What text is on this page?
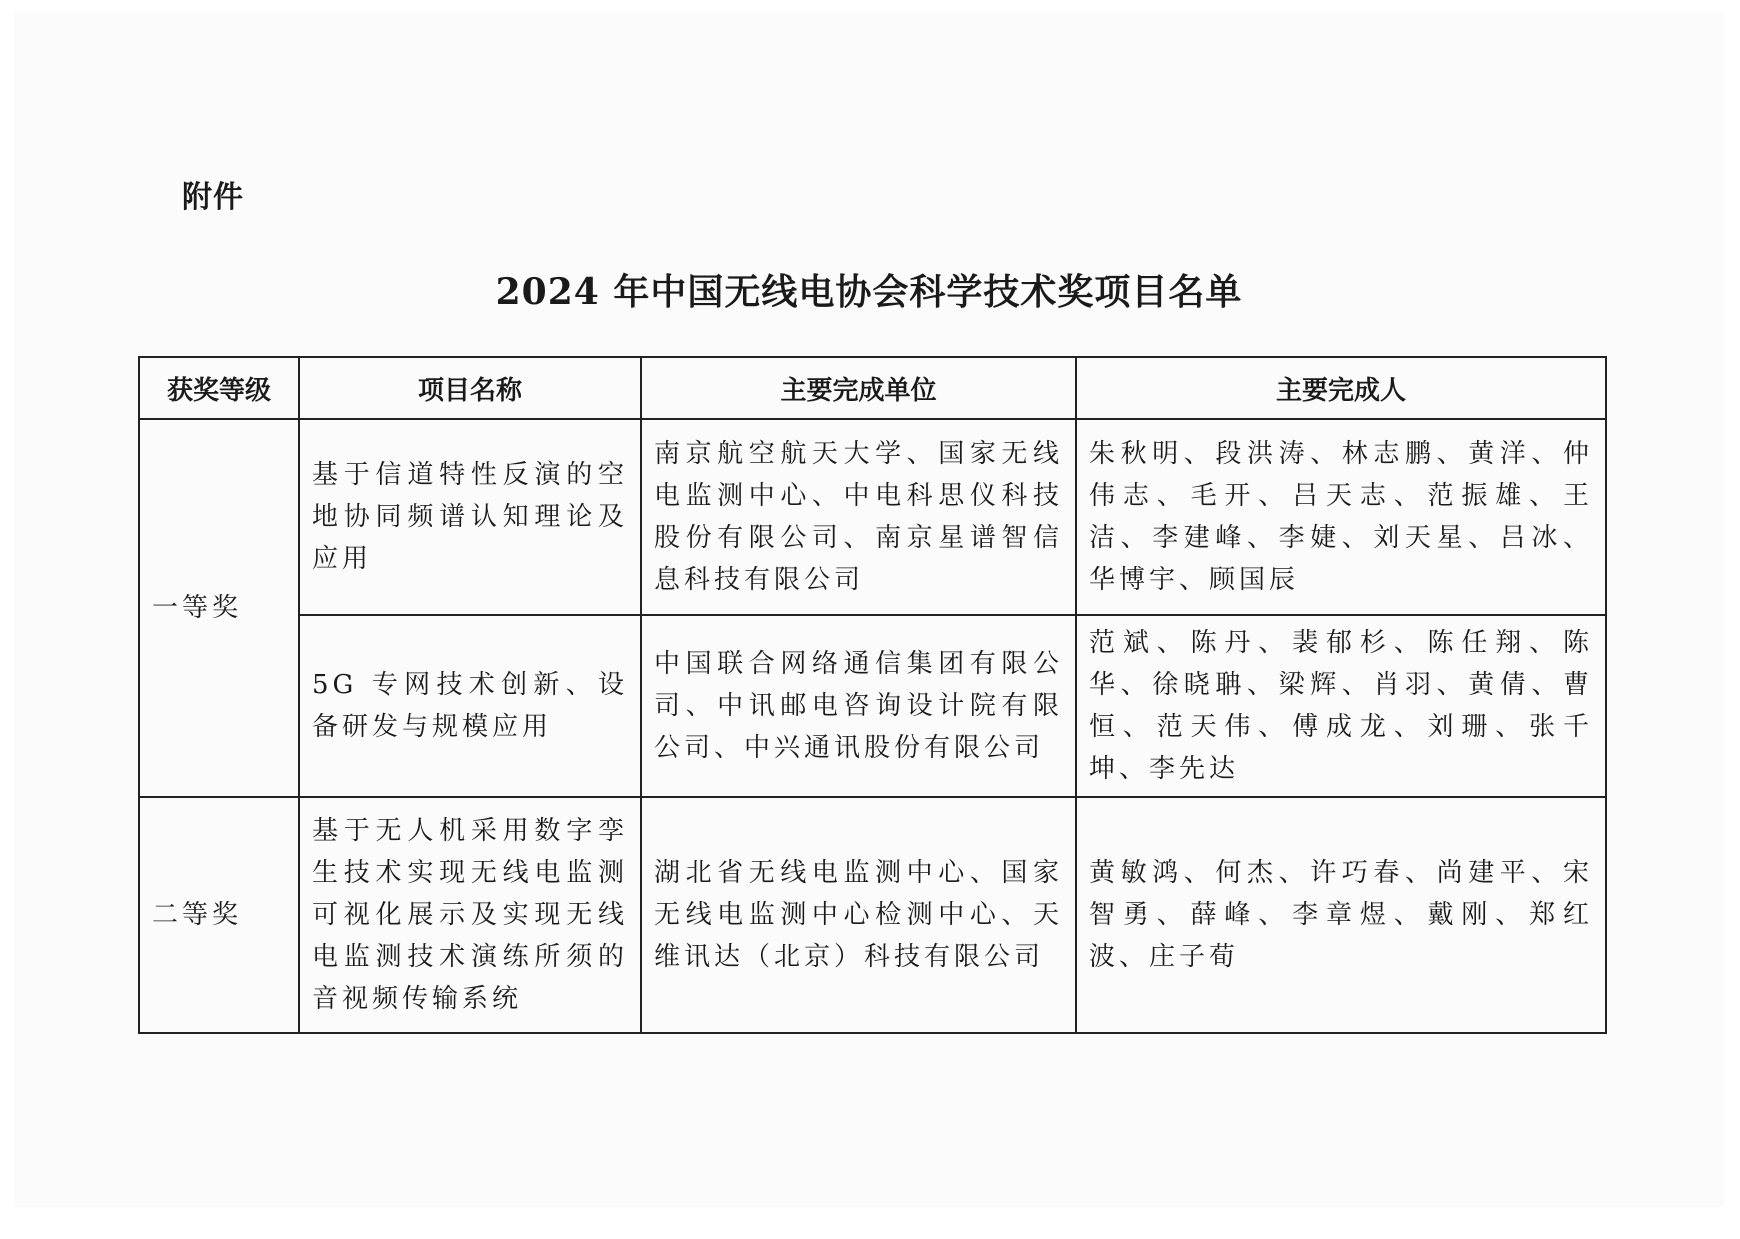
附件
2024 年中国无线电协会科学技术奖项目名单
获奖等级	项目名称	主要完成单位	主要完成人
一等奖	基于信道特性反演的空地协同频谱认知理论及应用	南京航空航天大学、国家无线电监测中心、中电科思仪科技股份有限公司、南京星谱智信息科技有限公司	朱秋明、段洪涛、林志鹏、黄洋、仲伟志、毛开、吕天志、范振雄、王洁、李建峰、李婕、刘天星、吕冰、华博宇、顾国辰
	5G 专网技术创新、设备研发与规模应用	中国联合网络通信集团有限公司、中讯邮电咨询设计院有限公司、中兴通讯股份有限公司	范斌、陈丹、裴郁杉、陈任翔、陈华、徐晓聃、梁辉、肖羽、黄倩、曹恒、范天伟、傅成龙、刘珊、张千坤、李先达
二等奖	基于无人机采用数字孪生技术实现无线电监测可视化展示及实现无线电监测技术演练所须的音视频传输系统	湖北省无线电监测中心、国家无线电监测中心检测中心、天维讯达（北京）科技有限公司	黄敏鸿、何杰、许巧春、尚建平、宋智勇、薛峰、李章煜、戴刚、郑红波、庄子荀
